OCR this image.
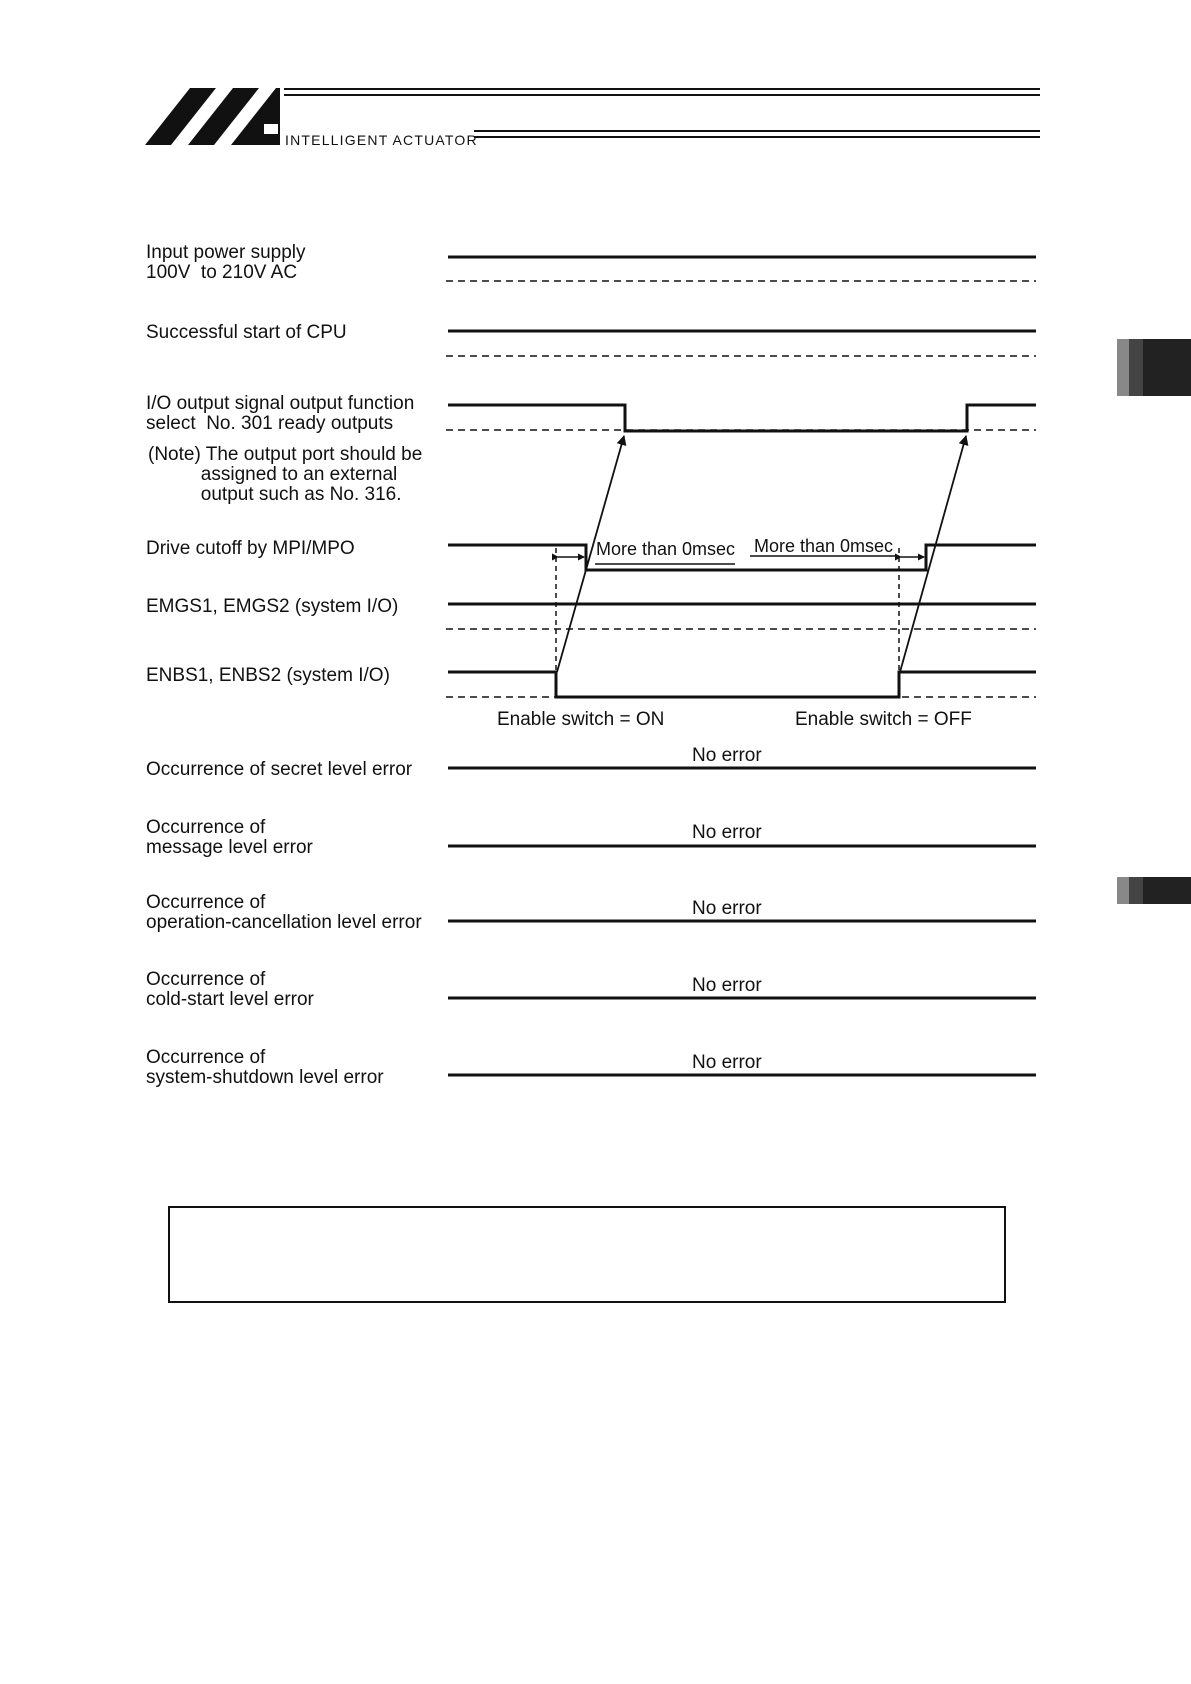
INTELLIGENT ACTUATOR
Input power supply
100V  to 210V AC
Successful start of CPU
I/O output signal output function
select  No. 301 ready outputs
(Note) The output port should be
assigned to an external
output such as No. 316.
Drive cutoff by MPI/MPO
EMGS1, EMGS2 (system I/O)
ENBS1, ENBS2 (system I/O)
Occurrence of secret level error
Occurrence of
message level error
Occurrence of
operation-cancellation level error
Occurrence of
cold-start level error
Occurrence of
system-shutdown level error
More than 0msec More than 0msec
Enable switch = ON	Enable switch = OFF
No error
No error
No error
No error
No error
